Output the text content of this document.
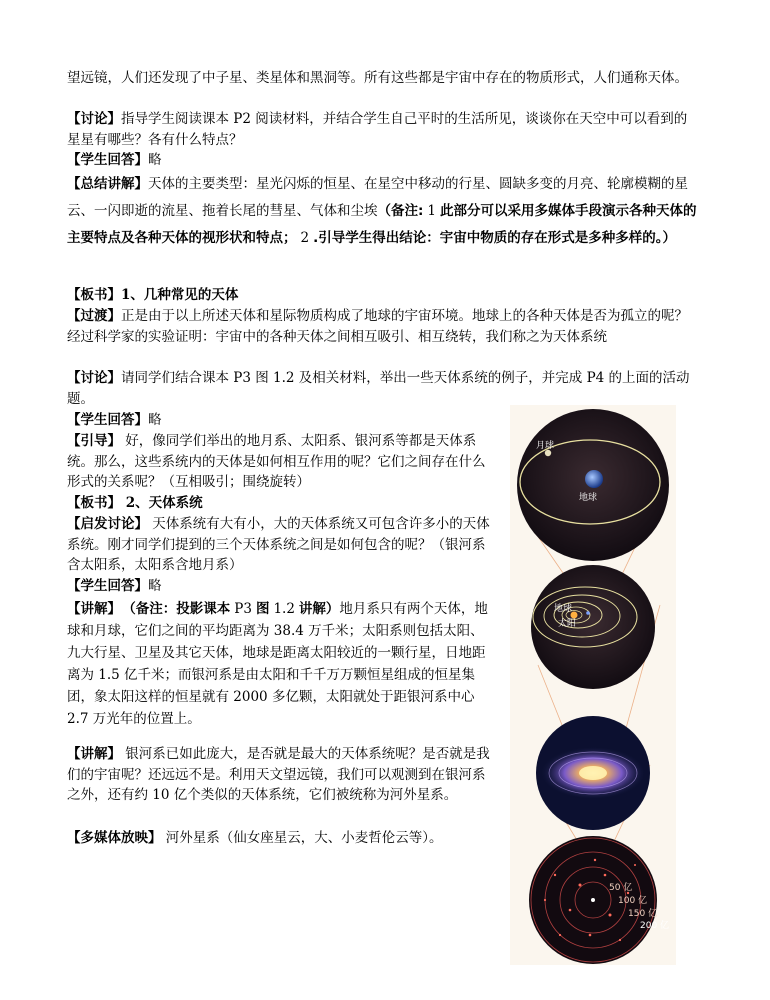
望远镜，人们还发现了中子星、类星体和黑洞等。所有这些都是宇宙中存在的物质形式，人们通称天体。

【讨论】指导学生阅读课本 P2 阅读材料，并结合学生自己平时的生活所见，谈谈你在天空中可以看到的星星有哪些？各有什么特点？

【学生回答】略

【总结讲解】天体的主要类型：星光闪烁的恒星、在星空中移动的行星、圆缺多变的月亮、轮廓模糊的星云、一闪即逝的流星、拖着长尾的彗星、气体和尘埃（备注: 1 此部分可以采用多媒体手段演示各种天体的主要特点及各种天体的视形状和特点； 2 .引导学生得出结论：宇宙中物质的存在形式是多种多样的。）

【板书】1、几种常见的天体

【过渡】正是由于以上所述天体和星际物质构成了地球的宇宙环境。地球上的各种天体是否为孤立的呢？经过科学家的实验证明：宇宙中的各种天体之间相互吸引、相互绕转，我们称之为天体系统

【讨论】请同学们结合课本 P3 图 1.2 及相关材料，举出一些天体系统的例子，并完成 P4 的上面的活动题。

【学生回答】略

【引导】 好，像同学们举出的地月系、太阳系、银河系等都是天体系统。那么，这些系统内的天体是如何相互作用的呢？它们之间存在什么形式的关系呢？（互相吸引；围绕旋转）

【板书】 2、天体系统

【启发讨论】 天体系统有大有小，大的天体系统又可包含许多小的天体系统。刚才同学们提到的三个天体系统之间是如何包含的呢？（银河系含太阳系，太阳系含地月系）

【学生回答】略

【讲解】 （备注：投影课本 P3 图 1.2 讲解）地月系只有两个天体，地球和月球，它们之间的平均距离为 38.4 万千米；太阳系则包括太阳、九大行星、卫星及其它天体，地球是距离太阳较近的一颗行星，日地距离为 1.5 亿千米；而银河系是由太阳和千千万万颗恒星组成的恒星集团，象太阳这样的恒星就有 2000 多亿颗，太阳就处于距银河系中心 2.7 万光年的位置上。

【讲解】 银河系已如此庞大，是否就是最大的天体系统呢？是否就是我们的宇宙呢？还远远不是。利用天文望远镜，我们可以观测到在银河系之外，还有约 10 亿个类似的天体系统，它们被统称为河外星系。

【多媒体放映】 河外星系（仙女座星云，大、小麦哲伦云等）。

月球
地球
地球
太阳
50 亿
100 亿
150 亿
200 亿
